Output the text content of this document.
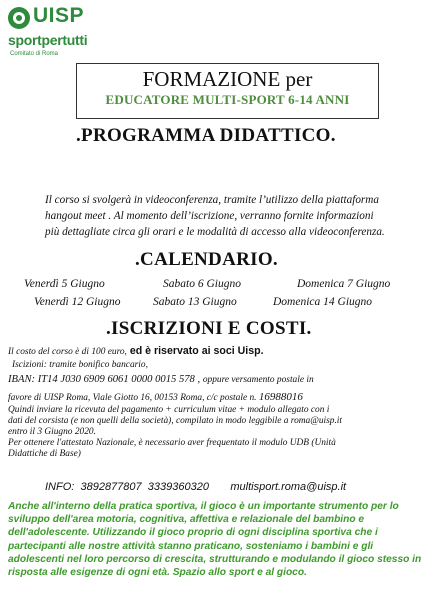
UISP
sportpertutti
Comitato di Roma
FORMAZIONE per
EDUCATORE MULTI-SPORT 6-14 ANNI
.PROGRAMMA DIDATTICO.
Il corso si svolgerà in videoconferenza, tramite l’utilizzo della piattaforma
hangout meet . Al momento dell’iscrizione, verranno fornite informazioni
più dettagliate circa gli orari e le modalità di accesso alla videoconferenza.
.CALENDARIO.
Venerdì 5 Giugno	Sabato 6 Giugno	Domenica 7 Giugno
Venerdì 12 Giugno	Sabato 13 Giugno	Domenica 14 Giugno
.ISCRIZIONI E COSTI.
Il costo del corso è di 100 euro, ed è riservato ai soci Uisp.
Iscizioni: tramite bonifico bancario,
IBAN: IT14 J030 6909 6061 0000 0015 578 , oppure versamento postale in
favore di UISP Roma, Viale Giotto 16, 00153 Roma, c/c postale n. 16988016
Quindi inviare la ricevuta del pagamento + curriculum vitae + modulo allegato con i
dati del corsista (e non quelli della società), compilato in modo leggibile a roma@uisp.it
entro il 3 Giugno 2020.
Per ottenere l'attestato Nazionale, è necessario aver frequentato il modulo UDB (Unità
Didattiche di Base)
INFO: 3892877807 3339360320 multisport.roma@uisp.it
Anche all'interno della pratica sportiva, il gioco è un importante strumento per lo sviluppo dell'area motoria, cognitiva, affettiva e relazionale del bambino e dell'adolescente. Utilizzando il gioco proprio di ogni disciplina sportiva che i partecipanti alle nostre attività stanno praticano, sosteniamo i bambini e gli adolescenti nel loro percorso di crescita, strutturando e modulando il gioco stesso in risposta alle esigenze di ogni età. Spazio allo sport e al gioco.
